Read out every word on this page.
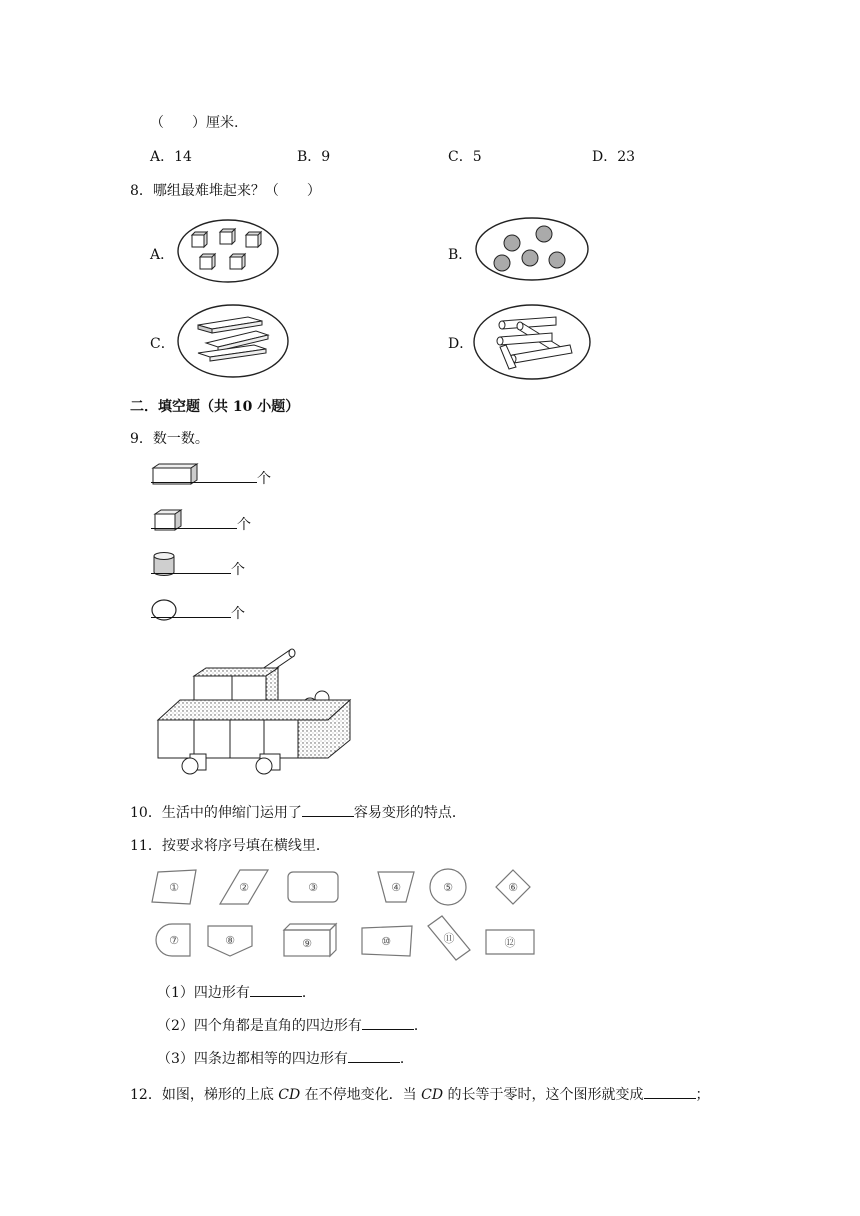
（　　）厘米.
A．14	B．9	C．5	D．23
8．哪组最难堆起来？（　　）
A．	B．
C．	D．
二．填空题（共 10 小题）
9．数一数。
个
个
个
个
10．生活中的伸缩门运用了	容易变形的特点．
11．按要求将序号填在横线里．
①	②	③	④	⑤	⑥
⑦	⑧	⑨	⑩	⑪	⑫
（1）四边形有	．
（2）四个角都是直角的四边形有	．
（3）四条边都相等的四边形有	．
12．如图，梯形的上底 CD 在不停地变化．当 CD 的长等于零时，这个图形就变成	；
